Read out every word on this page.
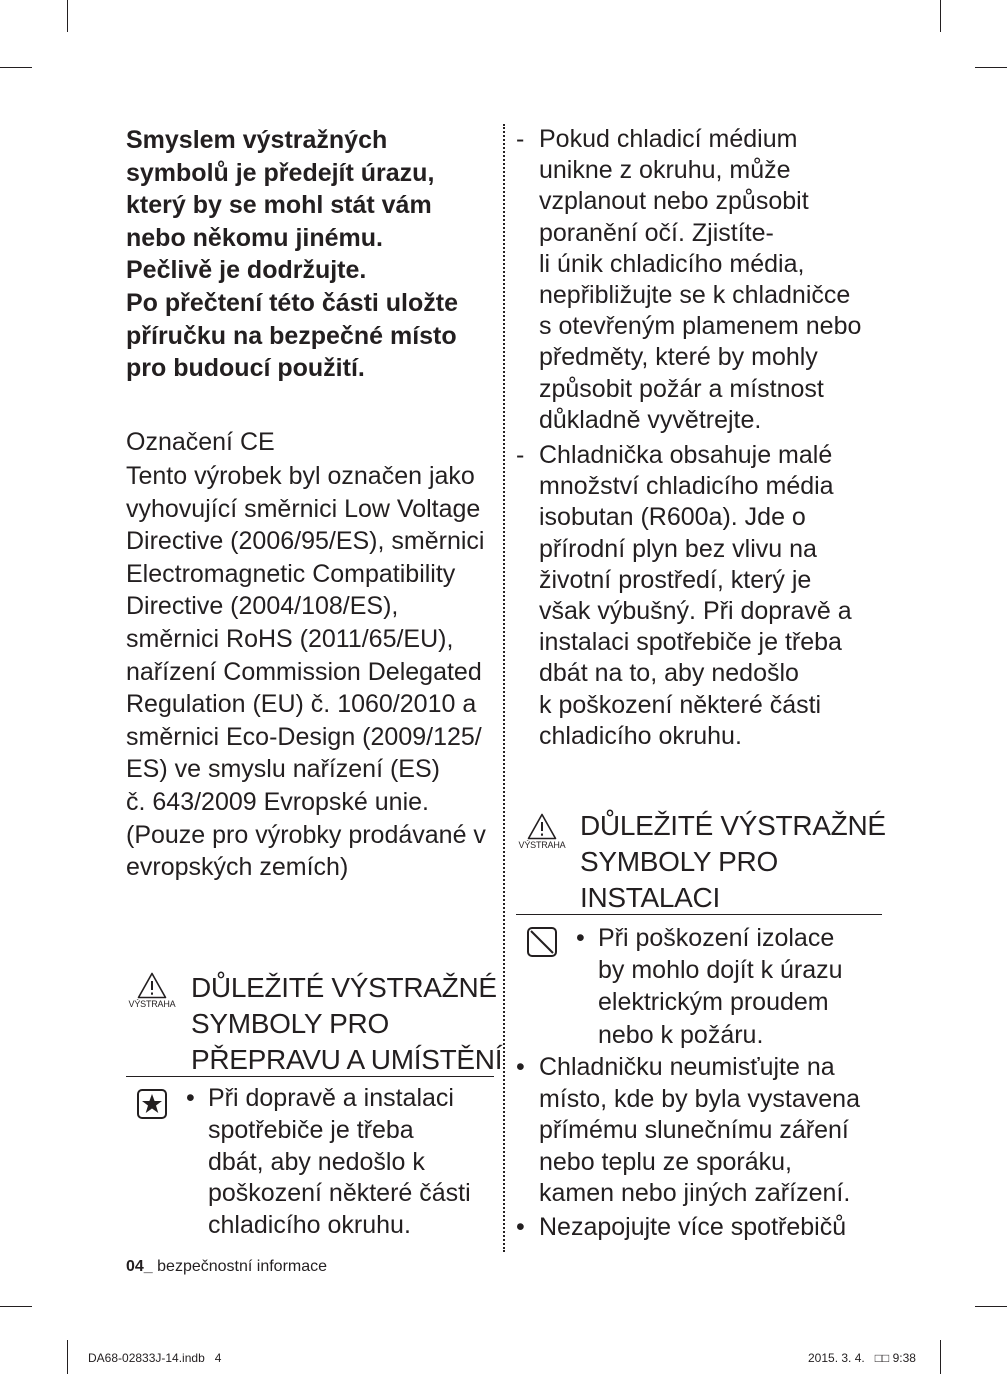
Smyslem výstražných
symbolů je předejít úrazu,
který by se mohl stát vám
nebo někomu jinému.
Pečlivě je dodržujte.
Po přečtení této části uložte
příručku na bezpečné místo
pro budoucí použití.
Označení CE
Tento výrobek byl označen jako
vyhovující směrnici Low Voltage
Directive (2006/95/ES), směrnici
Electromagnetic Compatibility
Directive (2004/108/ES),
směrnici RoHS (2011/65/EU),
nařízení Commission Delegated
Regulation (EU) č. 1060/2010 a
směrnici Eco-Design (2009/125/
ES) ve smyslu nařízení (ES)
č. 643/2009 Evropské unie.
(Pouze pro výrobky prodávané v
evropských zemích)
VÝSTRAHA
DŮLEŽITÉ VÝSTRAŽNÉ
SYMBOLY PRO
PŘEPRAVU A UMÍSTĚNÍ
• Při dopravě a instalaci
spotřebiče je třeba
dbát, aby nedošlo k
poškození některé části
chladicího okruhu.
- Pokud chladicí médium
unikne z okruhu, může
vzplanout nebo způsobit
poranění očí. Zjistíte-
li únik chladicího média,
nepřibližujte se k chladničce
s otevřeným plamenem nebo
předměty, které by mohly
způsobit požár a místnost
důkladně vyvětrejte.
- Chladnička obsahuje malé
množství chladicího média
isobutan (R600a). Jde o
přírodní plyn bez vlivu na
životní prostředí, který je
však výbušný. Při dopravě a
instalaci spotřebiče je třeba
dbát na to, aby nedošlo
k poškození některé části
chladicího okruhu.
VÝSTRAHA
DŮLEŽITÉ VÝSTRAŽNÉ
SYMBOLY PRO
INSTALACI
• Při poškození izolace
by mohlo dojít k úrazu
elektrickým proudem
nebo k požáru.
• Chladničku neumisťujte na
místo, kde by byla vystavena
přímému slunečnímu záření
nebo teplu ze sporáku,
kamen nebo jiných zařízení.
• Nezapojujte více spotřebičů
04_ bezpečnostní informace
DA68-02833J-14.indb 4	2015. 3. 4. □□ 9:38
